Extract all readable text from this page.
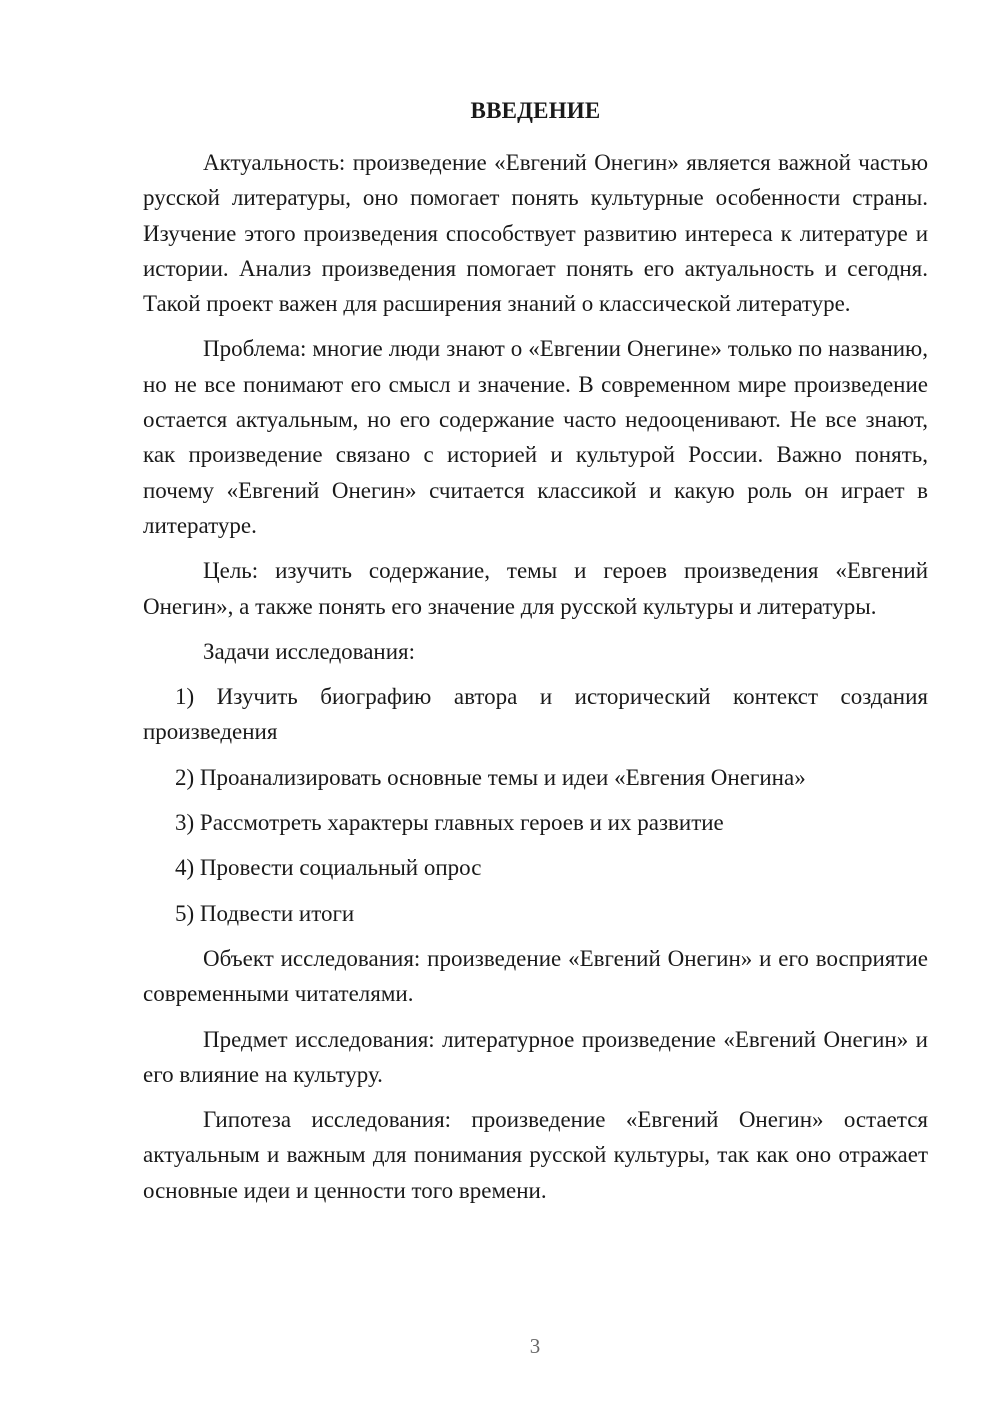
ВВЕДЕНИЕ

Актуальность: произведение «Евгений Онегин» является важной частью русской литературы, оно помогает понять культурные особенности страны. Изучение этого произведения способствует развитию интереса к литературе и истории. Анализ произведения помогает понять его актуальность и сегодня. Такой проект важен для расширения знаний о классической литературе.

Проблема: многие люди знают о «Евгении Онегине» только по названию, но не все понимают его смысл и значение. В современном мире произведение остается актуальным, но его содержание часто недооценивают. Не все знают, как произведение связано с историей и культурой России. Важно понять, почему «Евгений Онегин» считается классикой и какую роль он играет в литературе.

Цель: изучить содержание, темы и героев произведения «Евгений Онегин», а также понять его значение для русской культуры и литературы.

Задачи исследования:

1) Изучить биографию автора и исторический контекст создания произведения

2) Проанализировать основные темы и идеи «Евгения Онегина»

3) Рассмотреть характеры главных героев и их развитие

4) Провести социальный опрос

5) Подвести итоги

Объект исследования: произведение «Евгений Онегин» и его восприятие современными читателями.

Предмет исследования: литературное произведение «Евгений Онегин» и его влияние на культуру.

Гипотеза исследования: произведение «Евгений Онегин» остается актуальным и важным для понимания русской культуры, так как оно отражает основные идеи и ценности того времени.

3
